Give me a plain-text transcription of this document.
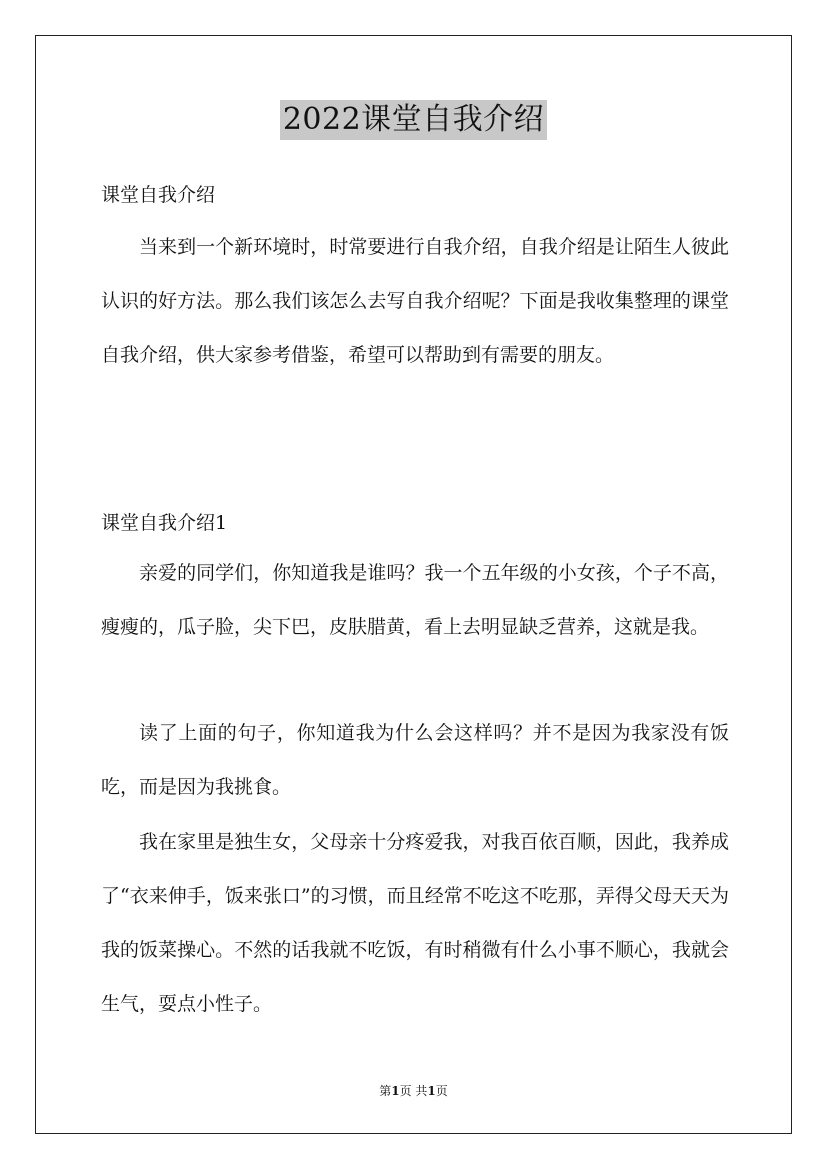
2022课堂自我介绍
课堂自我介绍
当来到一个新环境时，时常要进行自我介绍，自我介绍是让陌生人彼此认识的好方法。那么我们该怎么去写自我介绍呢？下面是我收集整理的课堂自我介绍，供大家参考借鉴，希望可以帮助到有需要的朋友。
课堂自我介绍1
亲爱的同学们，你知道我是谁吗？我一个五年级的小女孩，个子不高，瘦瘦的，瓜子脸，尖下巴，皮肤腊黄，看上去明显缺乏营养，这就是我。
读了上面的句子，你知道我为什么会这样吗？并不是因为我家没有饭吃，而是因为我挑食。
我在家里是独生女，父母亲十分疼爱我，对我百依百顺，因此，我养成了“衣来伸手，饭来张口”的习惯，而且经常不吃这不吃那，弄得父母天天为我的饭菜操心。不然的话我就不吃饭，有时稍微有什么小事不顺心，我就会生气，耍点小性子。
第1页 共1页
